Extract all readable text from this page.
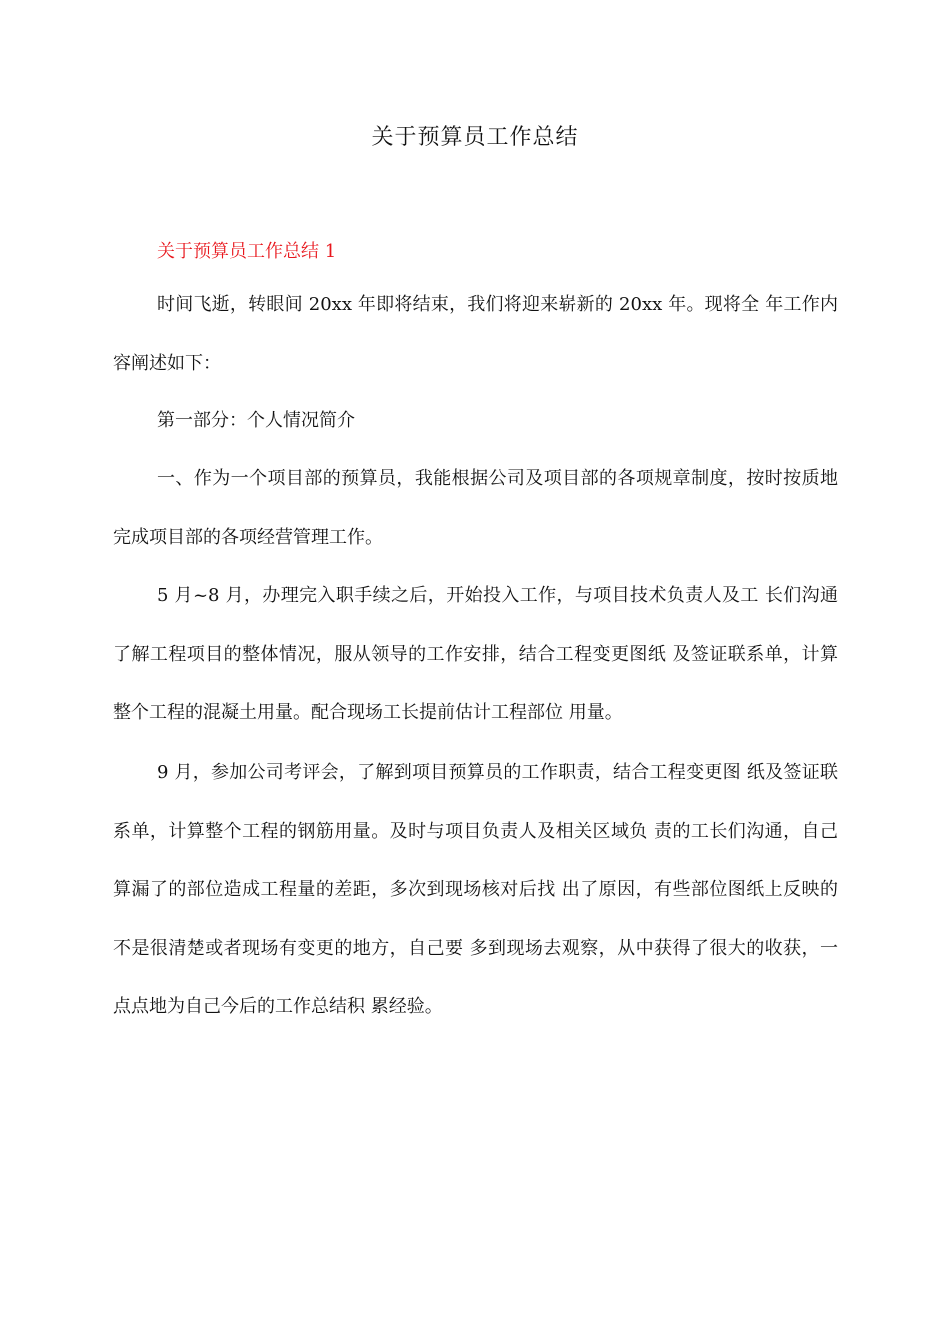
关于预算员工作总结
关于预算员工作总结 1

时间飞逝，转眼间 20xx 年即将结束，我们将迎来崭新的 20xx 年。现将全 年工作内容阐述如下：

第一部分：个人情况简介

一、作为一个项目部的预算员，我能根据公司及项目部的各项规章制度，按时按质地完成项目部的各项经营管理工作。

5 月~8 月，办理完入职手续之后，开始投入工作，与项目技术负责人及工 长们沟通了解工程项目的整体情况，服从领导的工作安排，结合工程变更图纸 及签证联系单，计算整个工程的混凝土用量。配合现场工长提前估计工程部位 用量。

9 月，参加公司考评会，了解到项目预算员的工作职责，结合工程变更图 纸及签证联系单，计算整个工程的钢筋用量。及时与项目负责人及相关区域负 责的工长们沟通，自己算漏了的部位造成工程量的差距，多次到现场核对后找 出了原因，有些部位图纸上反映的不是很清楚或者现场有变更的地方，自己要 多到现场去观察，从中获得了很大的收获，一点点地为自己今后的工作总结积 累经验。
